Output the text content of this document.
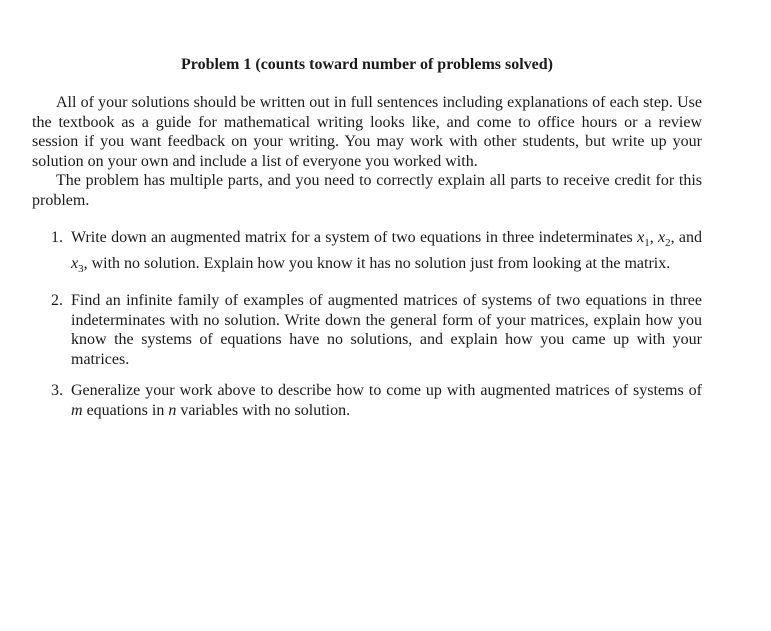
Problem 1 (counts toward number of problems solved)

All of your solutions should be written out in full sentences including explanations of each step. Use the textbook as a guide for mathematical writing looks like, and come to office hours or a review session if you want feedback on your writing. You may work with other students, but write up your solution on your own and include a list of everyone you worked with.

The problem has multiple parts, and you need to correctly explain all parts to receive credit for this problem.

1. Write down an augmented matrix for a system of two equations in three indeterminates $x_1$, $x_2$, and $x_3$, with no solution. Explain how you know it has no solution just from looking at the matrix.
2. Find an infinite family of examples of augmented matrices of systems of two equations in three indeterminates with no solution. Write down the general form of your matrices, explain how you know the systems of equations have no solutions, and explain how you came up with your matrices.
3. Generalize your work above to describe how to come up with augmented matrices of systems of m equations in n variables with no solution.
